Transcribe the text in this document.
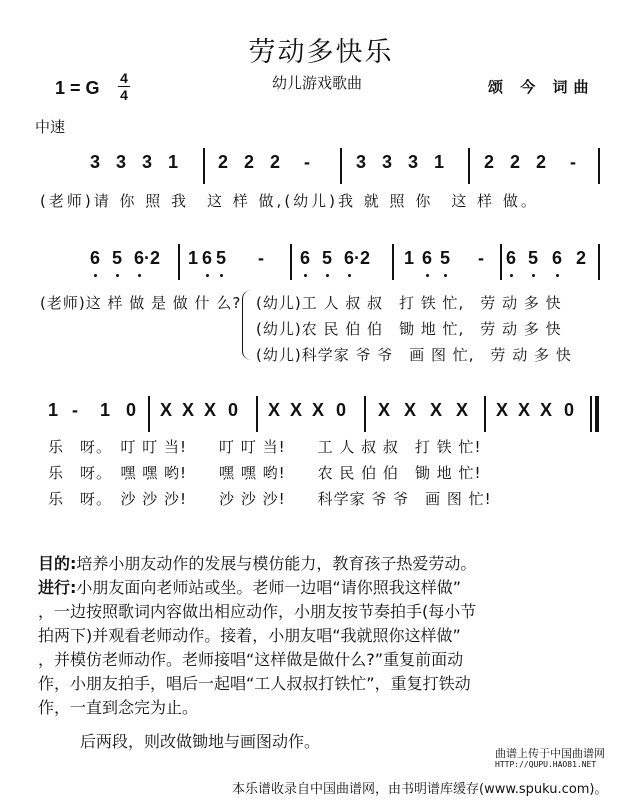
劳动多快乐
1 = G 4
4
幼儿游戏歌曲	颂 今 词曲
中速
3 3 3 1 2 2 2 -	3 3 3 1 2 2 2 -
(老师)请 你 照 我　这 样 做,(幼儿)我 就 照 你　这 样 做。
6 5 6·2 1 6 5 - 6 5 6·2 1 6 5 - 6 5 6 2
(老师)这 样 做 是 做 什 么? (幼儿)工 人 叔 叔　打 铁 忙,　劳 动 多 快
(幼儿)农 民 伯 伯　锄 地 忙,　劳 动 多 快
(幼儿)科学家 爷 爷　画 图 忙,　劳 动 多 快
1 - 1 0 X X X 0 X X X 0 X X X X X X X 0
乐　呀。　叮 叮 当!　　叮 叮 当!　　工 人 叔 叔　打 铁 忙!
乐　呀。　嘿 嘿 哟!　　嘿 嘿 哟!　　农 民 伯 伯　锄 地 忙!
乐　呀。　沙 沙 沙!　　沙 沙 沙!　　科学家 爷 爷　画 图 忙!
目的:培养小朋友动作的发展与模仿能力，教育孩子热爱劳动。
进行:小朋友面向老师站或坐。老师一边唱“请你照我这样做”
，一边按照歌词内容做出相应动作，小朋友按节奏拍手(每小节
拍两下)并观看老师动作。接着，小朋友唱“我就照你这样做”
，并模仿老师动作。老师接唱“这样做是做什么?”重复前面动
作，小朋友拍手，唱后一起唱“工人叔叔打铁忙”，重复打铁动
作，一直到念完为止。
后两段，则改做锄地与画图动作。
曲谱上传于中国曲谱网
HTTP://QUPU.HAO81.NET
本乐谱收录自中国曲谱网，由书明谱库缓存(www.spuku.com)。
